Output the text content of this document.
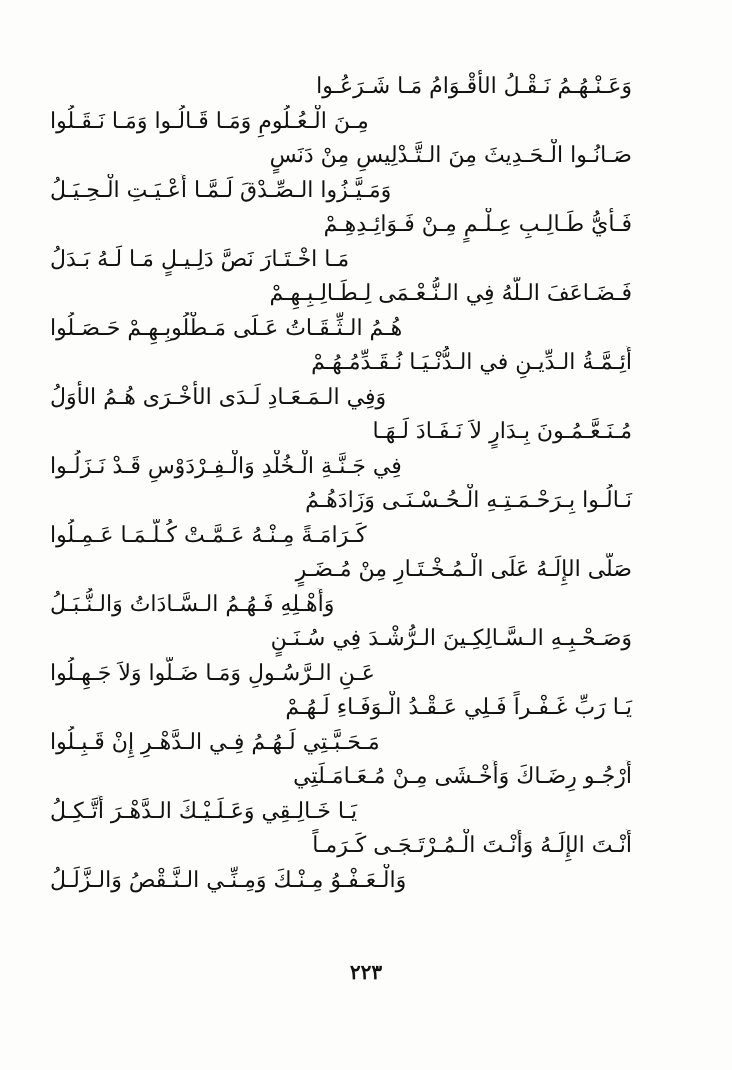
وَعَـنْـهُـمُ نَـقْـلُ الأَقْـوَامُ مَـا شَـرَعُـوا
مِـنَ الْـعُـلُومِ وَمَـا قَـالُـوا وَمَـا نَـقَـلُوا
صَـانُـوا الْـحَـدِيثَ مِنَ الـتَّـدْلِيسِ مِنْ دَنَسٍ
وَمَـيَّـزُوا الـصِّـدْقَ لَـمَّـا أَعْـيَـتِ الْـحِـيَـلُ
فَـأَيُّ طَـالِـبِ عِـلْـمٍ مِـنْ فَـوَائِـدِهِـمْ
مَـا اخْـتَـارَ نَصَّ دَلِـيـلٍ مَـا لَـهُ بَـدَلُ
فَـضَـاعَفَ الـلَّهُ فِي الـنُّـعْـمَى لِـطَـالِـبِـهِـمْ
هُـمُ الـثِّـقَـاتُ عَـلَى مَـطْلُوبِـهِـمْ حَـصَـلُوا
أَئِـمَّـةُ الـدِّيـنِ في الـدُّنْـيَـا نُـقَـدِّمُـهُـمْ
وَفِي الـمَـعَـادِ لَـدَى الأُخْـرَى هُـمُ الأَوَلُ
مُـنَـعَّـمُـونَ بِـدَارٍ لاَ نَـفَـادَ لَـهَـا
فِي جَـنَّـةِ الْـخُلْدِ وَالْـفِـرْدَوْسِ قَـدْ نَـزَلُـوا
نَـالُـوا بِـرَحْـمَـتِـهِ الْـحُـسْـنَـى وَزَادَهُـمُ
كَـرَامَـةً مِـنْـهُ عَـمَّـتْ كُـلَّـمَـا عَـمِـلُوا
صَلَّى الإِلَـهُ عَلَى الْـمُـخْـتَـارِ مِنْ مُـضَـرٍ
وَأَهْـلِهِ فَـهُـمُ الـسَّـادَاتُ وَالـنُّـبَـلُ
وَصَـحْـبِـهِ الـسَّـالِكِـينَ الـرُّشْـدَ فِي سُـنَـنٍ
عَـنِ الـرَّسُـولِ وَمَـا ضَـلُّوا وَلاَ جَـهِـلُوا
يَـا رَبِّ غَـفْـراً فَـلِي عَـقْـدُ الْـوَفَـاءِ لَـهُـمْ
مَـحَـبَّـتِي لَـهُـمُ فِـي الـدَّهْـرِ إِنْ قَـبِـلُوا
أَرْجُـو رِضَـاكَ وَأَخْـشَى مِـنْ مُـعَـامَـلَتِي
يَـا خَـالِـقِي وَعَـلَـيْـكَ الـدَّهْـرَ أَتَّـكِـلُ
أَنْـتَ الإِلَـهُ وَأَنْـتَ الْـمُـرْتَـجَـى كَـرَمـاً
وَالْـعَـفْـوُ مِـنْـكَ وَمِـنِّـي الـنَّـقْصُ وَالـزَّلَـلُ
٢٢٣
